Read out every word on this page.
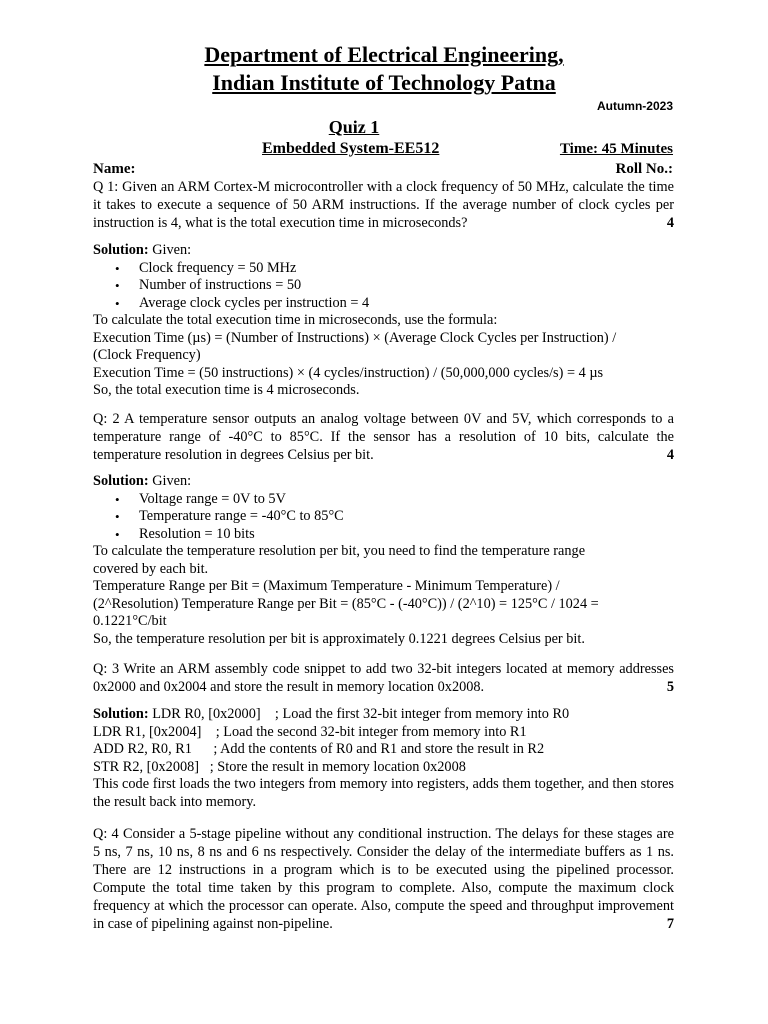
Department of Electrical Engineering,
Indian Institute of Technology Patna
Autumn-2023
Quiz 1
Embedded System-EE512	Time: 45 Minutes
Name:	Roll No.:
Q 1: Given an ARM Cortex-M microcontroller with a clock frequency of 50 MHz, calculate the time it takes to execute a sequence of 50 ARM instructions. If the average number of clock cycles per instruction is 4, what is the total execution time in microseconds?	4
Solution: Given:
• Clock frequency = 50 MHz
• Number of instructions = 50
• Average clock cycles per instruction = 4
To calculate the total execution time in microseconds, use the formula:
Execution Time (µs) = (Number of Instructions) × (Average Clock Cycles per Instruction) /
(Clock Frequency)
Execution Time = (50 instructions) × (4 cycles/instruction) / (50,000,000 cycles/s) = 4 µs
So, the total execution time is 4 microseconds.
Q: 2 A temperature sensor outputs an analog voltage between 0V and 5V, which corresponds to a temperature range of -40°C to 85°C. If the sensor has a resolution of 10 bits, calculate the temperature resolution in degrees Celsius per bit.	4
Solution: Given:
• Voltage range = 0V to 5V
• Temperature range = -40°C to 85°C
• Resolution = 10 bits
To calculate the temperature resolution per bit, you need to find the temperature range
covered by each bit.
Temperature Range per Bit = (Maximum Temperature - Minimum Temperature) /
(2^Resolution) Temperature Range per Bit = (85°C - (-40°C)) / (2^10) = 125°C / 1024 =
0.1221°C/bit
So, the temperature resolution per bit is approximately 0.1221 degrees Celsius per bit.
Q: 3 Write an ARM assembly code snippet to add two 32-bit integers located at memory addresses 0x2000 and 0x2004 and store the result in memory location 0x2008.	5
Solution: LDR R0, [0x2000]    ; Load the first 32-bit integer from memory into R0
LDR R1, [0x2004]    ; Load the second 32-bit integer from memory into R1
ADD R2, R0, R1      ; Add the contents of R0 and R1 and store the result in R2
STR R2, [0x2008]   ; Store the result in memory location 0x2008
This code first loads the two integers from memory into registers, adds them together, and then stores the result back into memory.
Q: 4 Consider a 5-stage pipeline without any conditional instruction. The delays for these stages are 5 ns, 7 ns, 10 ns, 8 ns and 6 ns respectively. Consider the delay of the intermediate buffers as 1 ns. There are 12 instructions in a program which is to be executed using the pipelined processor. Compute the total time taken by this program to complete. Also, compute the maximum clock frequency at which the processor can operate. Also, compute the speed and throughput improvement in case of pipelining against non-pipeline.	7
